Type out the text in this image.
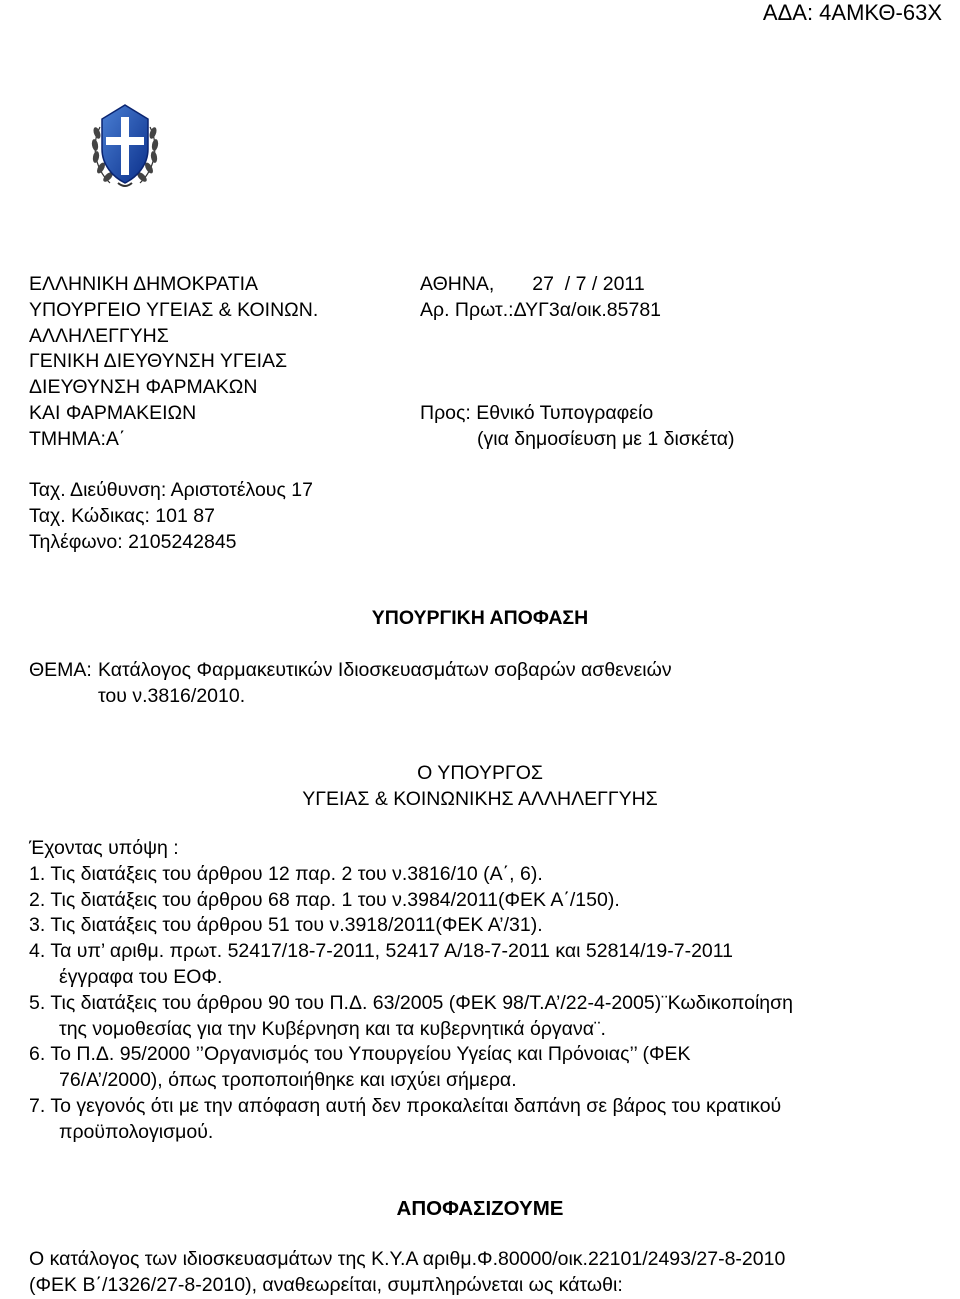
ΑΔΑ: 4ΑΜΚΘ-63Χ
ΕΛΛΗΝΙΚΗ ΔΗΜΟΚΡΑΤΙΑ
ΥΠΟΥΡΓΕΙΟ ΥΓΕΙΑΣ & ΚΟΙΝΩΝ.
ΑΛΛΗΛΕΓΓΥΗΣ
ΓΕΝΙΚΗ ΔΙΕΥΘΥΝΣΗ ΥΓΕΙΑΣ
ΔΙΕΥΘΥΝΣΗ ΦΑΡΜΑΚΩΝ
ΚΑΙ ΦΑΡΜΑΚΕΙΩΝ
ΤΜΗΜΑ:Α΄
ΑΘΗΝΑ,       27  / 7 / 2011
Αρ. Πρωτ.:ΔΥΓ3α/οικ.85781
Προς: Εθνικό Τυπογραφείο
(για δημοσίευση με 1 δισκέτα)
Ταχ. Διεύθυνση: Αριστοτέλους 17
Ταχ. Κώδικας: 101 87
Τηλέφωνο: 2105242845
ΥΠΟΥΡΓΙΚΗ ΑΠΟΦΑΣΗ
ΘΕΜΑ: Κατάλογος Φαρμακευτικών Ιδιοσκευασμάτων σοβαρών ασθενειών
του ν.3816/2010.
Ο ΥΠΟΥΡΓΟΣ
ΥΓΕΙΑΣ & ΚΟΙΝΩΝΙΚΗΣ ΑΛΛΗΛΕΓΓΥΗΣ
Έχοντας υπόψη :
1. Τις διατάξεις του άρθρου 12 παρ. 2 του ν.3816/10 (Α΄, 6).
2. Τις διατάξεις του άρθρου 68 παρ. 1 του ν.3984/2011(ΦΕΚ Α΄/150).
3. Τις διατάξεις του άρθρου 51 του ν.3918/2011(ΦΕΚ Α’/31).
4. Τα υπ’ αριθμ. πρωτ. 52417/18-7-2011, 52417 Α/18-7-2011 και 52814/19-7-2011
έγγραφα του ΕΟΦ.
5. Τις διατάξεις του άρθρου 90 του Π.Δ. 63/2005 (ΦΕΚ 98/Τ.Α’/22-4-2005)¨Κωδικοποίηση
της νομοθεσίας για την Κυβέρνηση και τα κυβερνητικά όργανα¨.
6. Το Π.Δ. 95/2000 ’’Οργανισμός του Υπουργείου Υγείας και Πρόνοιας’’ (ΦΕΚ
76/Α’/2000), όπως τροποποιήθηκε και ισχύει σήμερα.
7. Το γεγονός ότι με την απόφαση αυτή δεν προκαλείται δαπάνη σε βάρος του κρατικού
προϋπολογισμού.
ΑΠΟΦΑΣΙΖΟΥΜΕ
Ο κατάλογος των ιδιοσκευασμάτων της Κ.Υ.Α αριθμ.Φ.80000/οικ.22101/2493/27-8-2010
(ΦΕΚ Β΄/1326/27-8-2010), αναθεωρείται, συμπληρώνεται ως κάτωθι:
